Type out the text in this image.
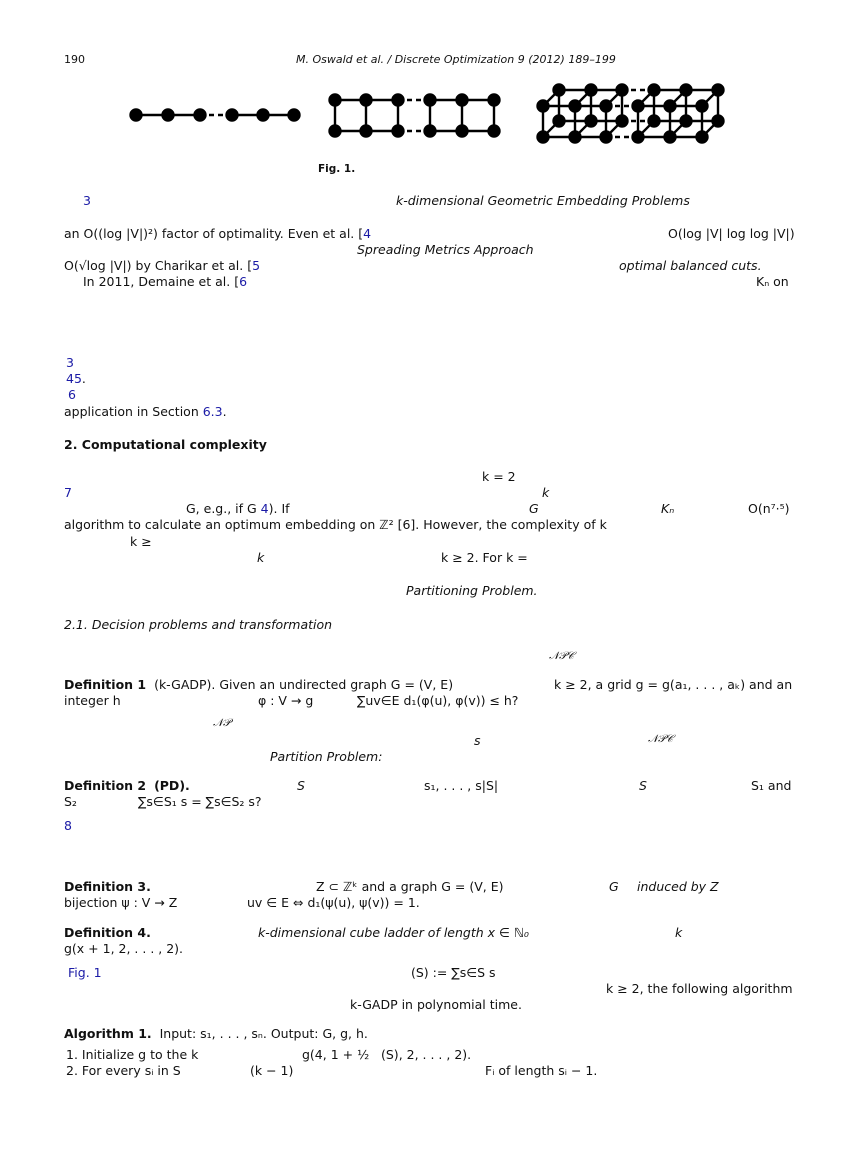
190	M. Oswald et al. / Discrete Optimization 9 (2012) 189–199
Fig. 1.
3	k-dimensional Geometric Embedding Problems
an O((log |V|)²) factor of optimality. Even et al. [4	O(log |V| log log |V|)
Spreading Metrics Approach
O(√log |V|) by Charikar et al. [5	optimal balanced cuts.
In 2011, Demaine et al. [6	Kₙ on
3
45.
6
application in Section 6.3.
2. Computational complexity
k = 2
7	k
G, e.g., if G 4). If	G	Kₙ	O(n⁷·⁵)
algorithm to calculate an optimum embedding on ℤ² [6]. However, the complexity of k
k ≥
k	k ≥ 2. For k =
Partitioning Problem.
2.1. Decision problems and transformation
𝒩𝒫𝒞
Definition 1 (k-GADP). Given an undirected graph G = (V, E)	k ≥ 2, a grid g = g(a₁, . . . , aₖ) and an
integer h	φ : V → g	∑uv∈E d₁(φ(u), φ(v)) ≤ h?
𝒩𝒫
s	𝒩𝒫𝒞
Partition Problem:
Definition 2 (PD).	S	s₁, . . . , s|S|	S	S₁ and
S₂	∑s∈S₁ s = ∑s∈S₂ s?
8
Definition 3.	Z ⊂ ℤᵏ and a graph G = (V, E)	G induced by Z
bijection ψ : V → Z	uv ∈ E ⇔ d₁(ψ(u), ψ(v)) = 1.
Definition 4.	k-dimensional cube ladder of length x ∈ ℕ₀	k
g(x + 1, 2, . . . , 2).
Fig. 1	(S) := ∑s∈S s
k ≥ 2, the following algorithm
k-GADP in polynomial time.
Algorithm 1. Input: s₁, . . . , sₙ. Output: G, g, h.
1. Initialize g to the k	g(4, 1 + ½ (S), 2, . . . , 2).
2. For every sᵢ in S	(k − 1)	Fᵢ of length sᵢ − 1.
